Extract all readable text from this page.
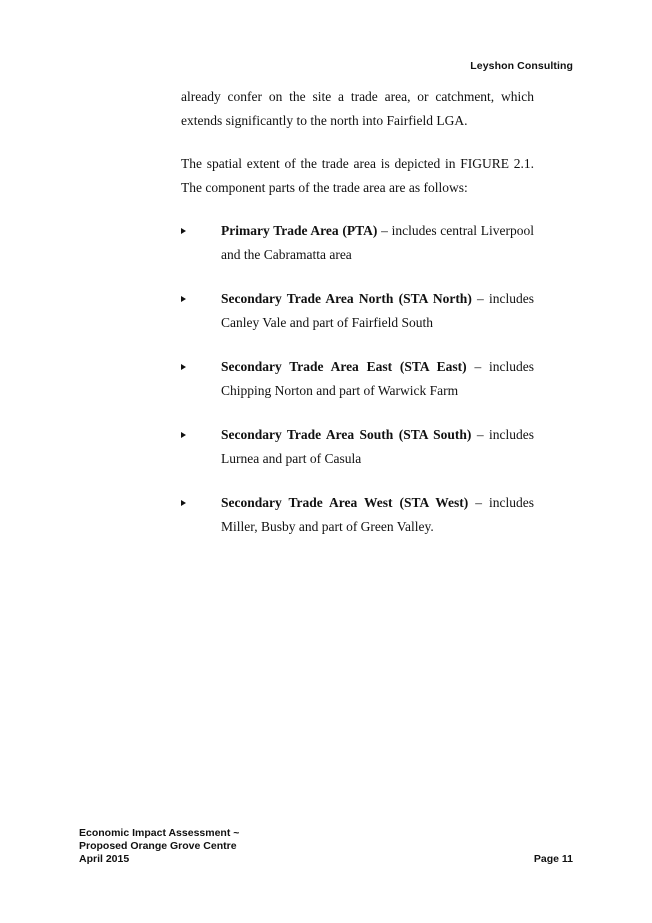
Leyshon Consulting

already confer on the site a trade area, or catchment, which extends significantly to the north into Fairfield LGA.

The spatial extent of the trade area is depicted in FIGURE 2.1. The component parts of the trade area are as follows:

Primary Trade Area (PTA) – includes central Liverpool and the Cabramatta area
Secondary Trade Area North (STA North) – includes Canley Vale and part of Fairfield South
Secondary Trade Area East (STA East) – includes Chipping Norton and part of Warwick Farm
Secondary Trade Area South (STA South) – includes Lurnea and part of Casula
Secondary Trade Area West (STA West) – includes Miller, Busby and part of Green Valley.
Economic Impact Assessment ~
Proposed Orange Grove Centre
April 2015	Page 11
